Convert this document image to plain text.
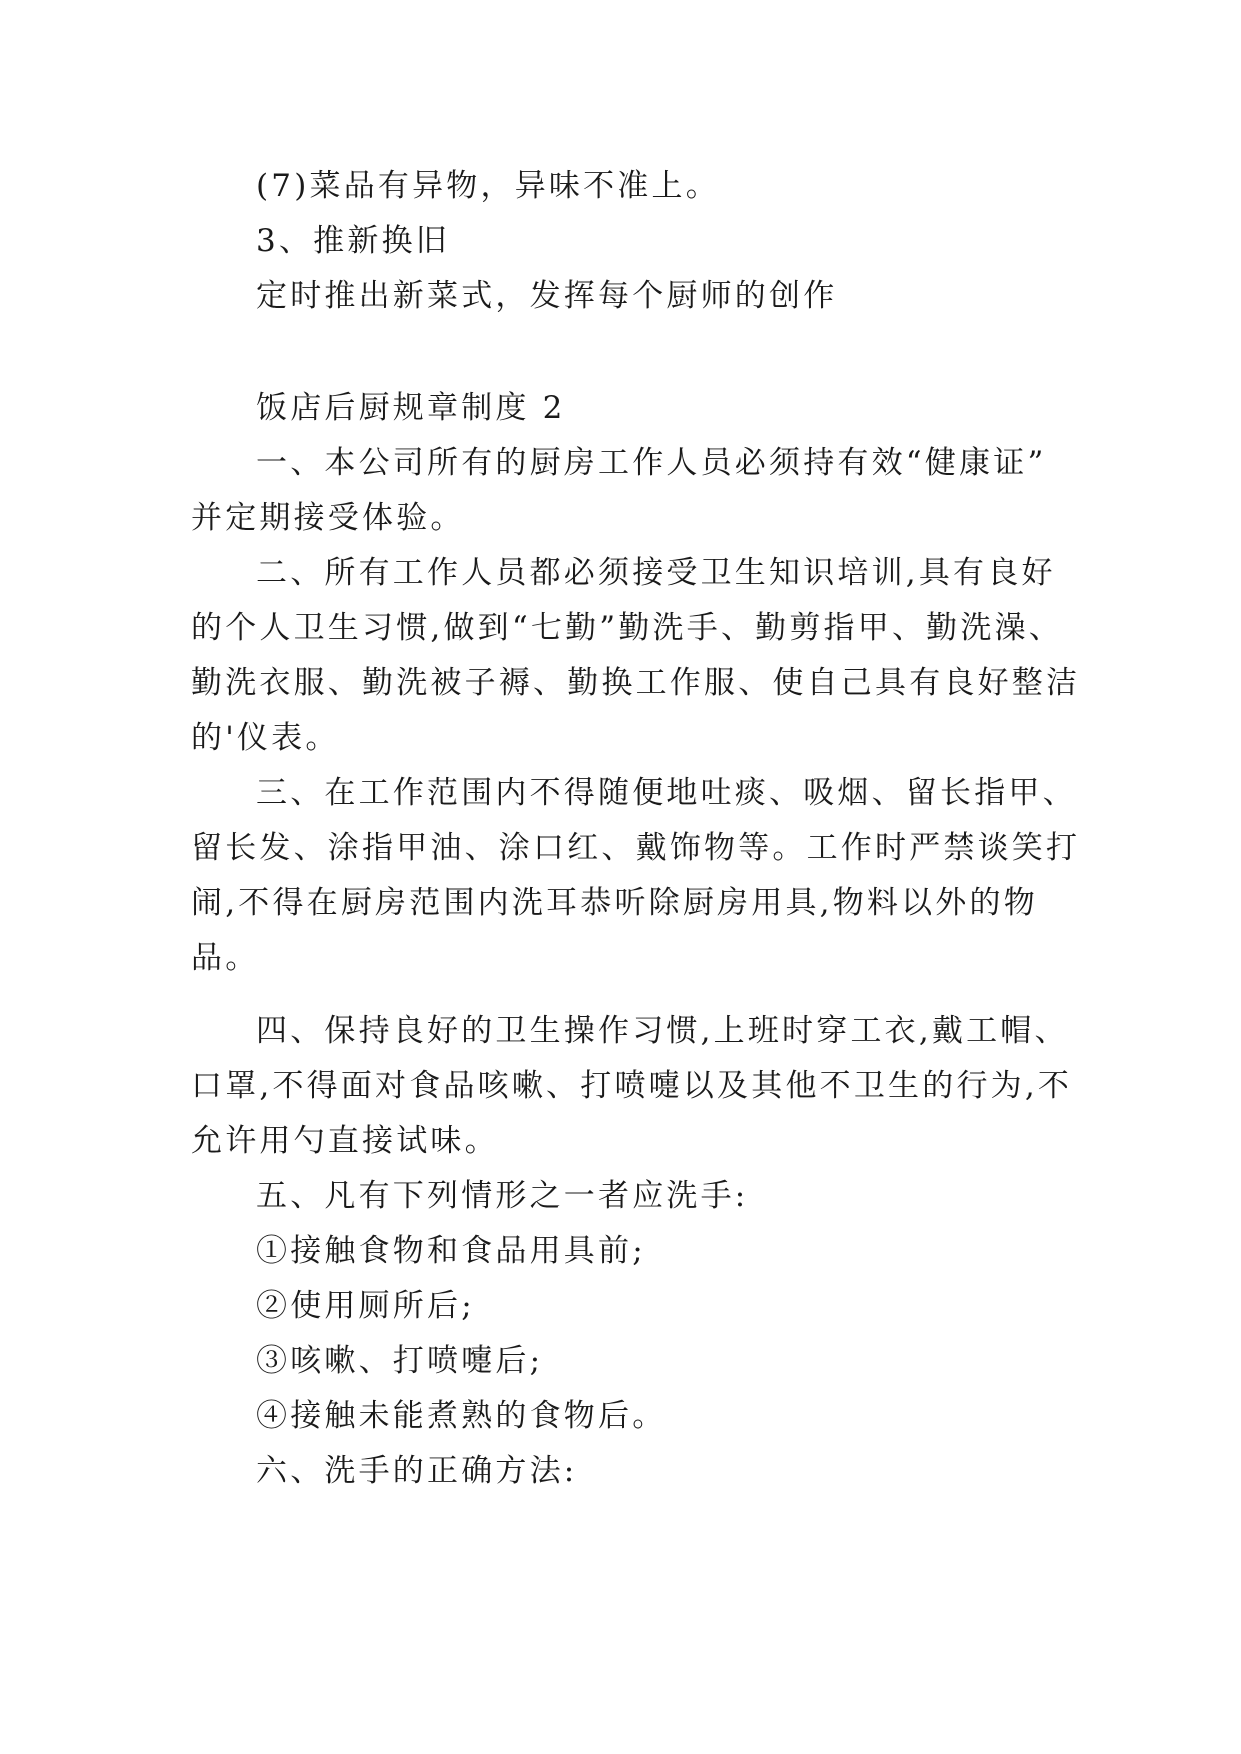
(7)菜品有异物，异味不准上。

3、推新换旧

定时推出新菜式，发挥每个厨师的创作

饭店后厨规章制度 2

一、本公司所有的厨房工作人员必须持有效“健康证”

并定期接受体验。

二、所有工作人员都必须接受卫生知识培训,具有良好

的个人卫生习惯,做到“七勤”勤洗手、勤剪指甲、勤洗澡、

勤洗衣服、勤洗被子褥、勤换工作服、使自己具有良好整洁

的'仪表。

三、在工作范围内不得随便地吐痰、吸烟、留长指甲、

留长发、涂指甲油、涂口红、戴饰物等。工作时严禁谈笑打

闹,不得在厨房范围内洗耳恭听除厨房用具,物料以外的物

品。

四、保持良好的卫生操作习惯,上班时穿工衣,戴工帽、

口罩,不得面对食品咳嗽、打喷嚏以及其他不卫生的行为,不

允许用勺直接试味。

五、凡有下列情形之一者应洗手:

①接触食物和食品用具前;

②使用厕所后;

③咳嗽、打喷嚏后;

④接触未能煮熟的食物后。

六、洗手的正确方法:
